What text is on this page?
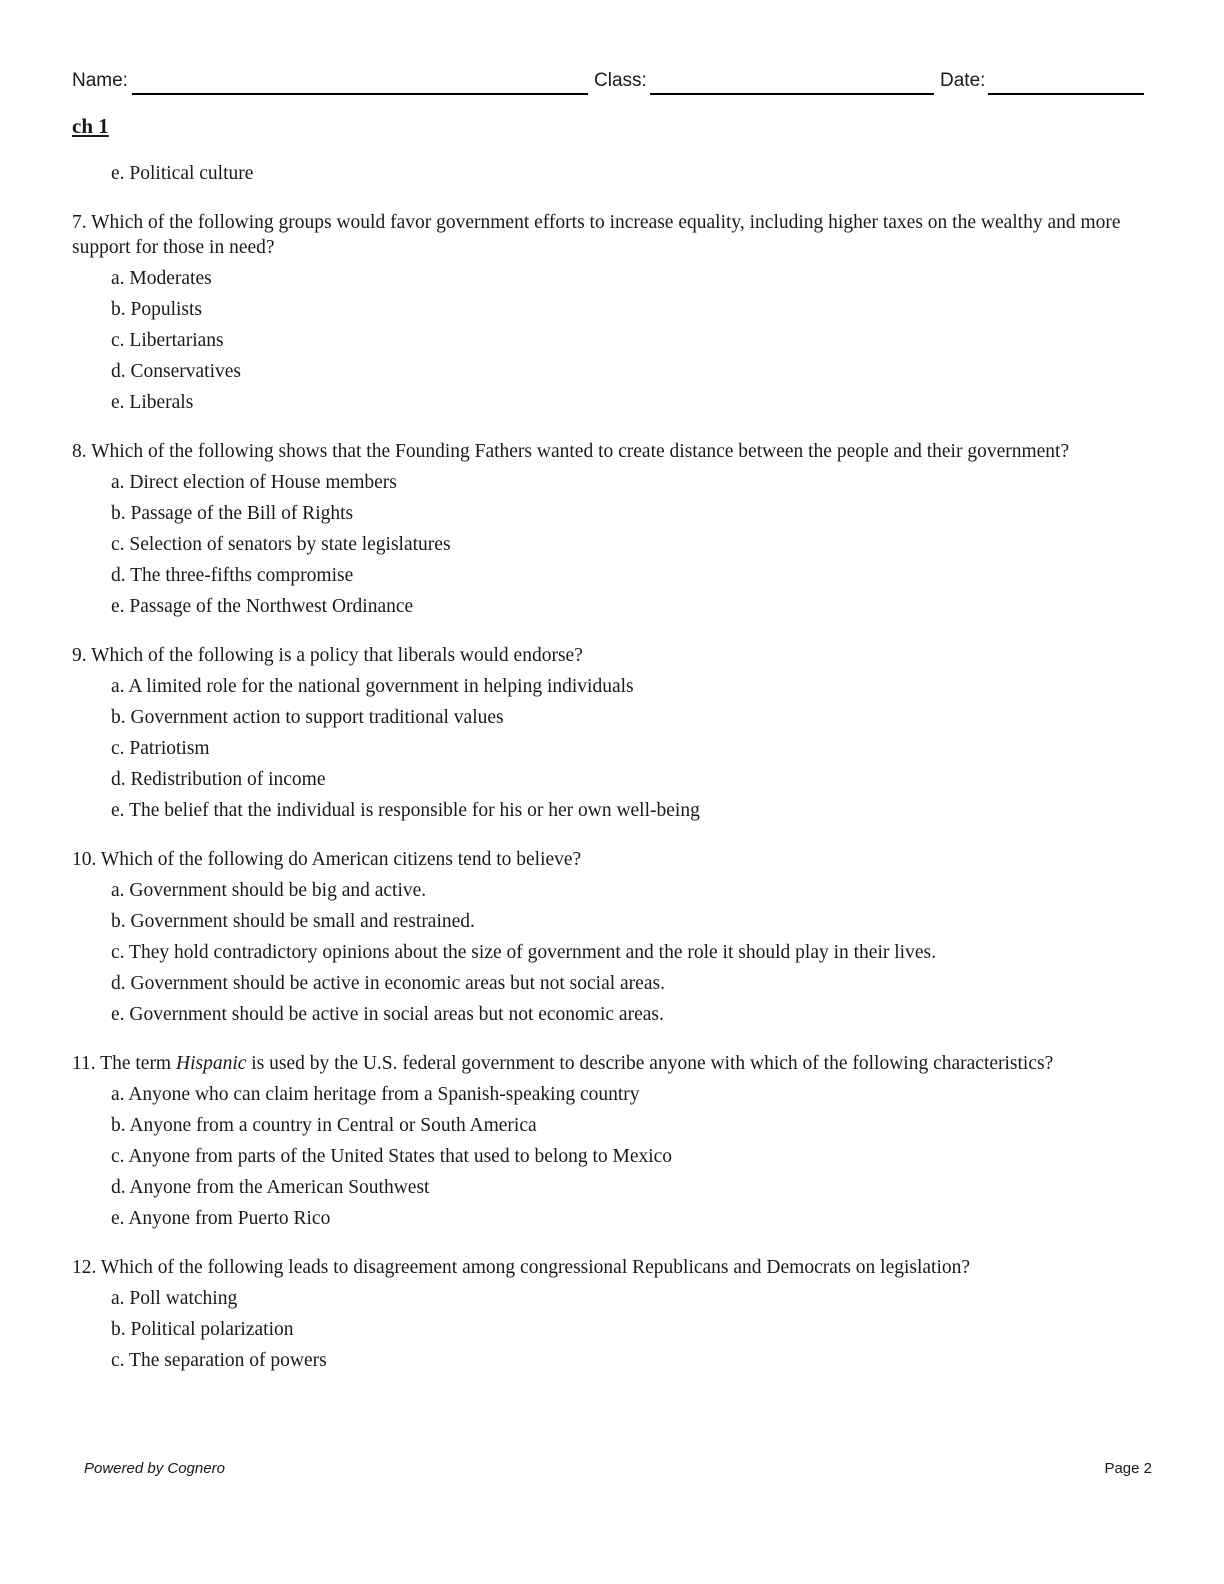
Name:	Class:	Date:
ch 1
e. Political culture
7. Which of the following groups would favor government efforts to increase equality, including higher taxes on the wealthy and more support for those in need?
a. Moderates
b. Populists
c. Libertarians
d. Conservatives
e. Liberals
8. Which of the following shows that the Founding Fathers wanted to create distance between the people and their government?
a. Direct election of House members
b. Passage of the Bill of Rights
c. Selection of senators by state legislatures
d. The three-fifths compromise
e. Passage of the Northwest Ordinance
9. Which of the following is a policy that liberals would endorse?
a. A limited role for the national government in helping individuals
b. Government action to support traditional values
c. Patriotism
d. Redistribution of income
e. The belief that the individual is responsible for his or her own well-being
10. Which of the following do American citizens tend to believe?
a. Government should be big and active.
b. Government should be small and restrained.
c. They hold contradictory opinions about the size of government and the role it should play in their lives.
d. Government should be active in economic areas but not social areas.
e. Government should be active in social areas but not economic areas.
11. The term Hispanic is used by the U.S. federal government to describe anyone with which of the following characteristics?
a. Anyone who can claim heritage from a Spanish-speaking country
b. Anyone from a country in Central or South America
c. Anyone from parts of the United States that used to belong to Mexico
d. Anyone from the American Southwest
e. Anyone from Puerto Rico
12. Which of the following leads to disagreement among congressional Republicans and Democrats on legislation?
a. Poll watching
b. Political polarization
c. The separation of powers
Powered by Cognero	Page 2
